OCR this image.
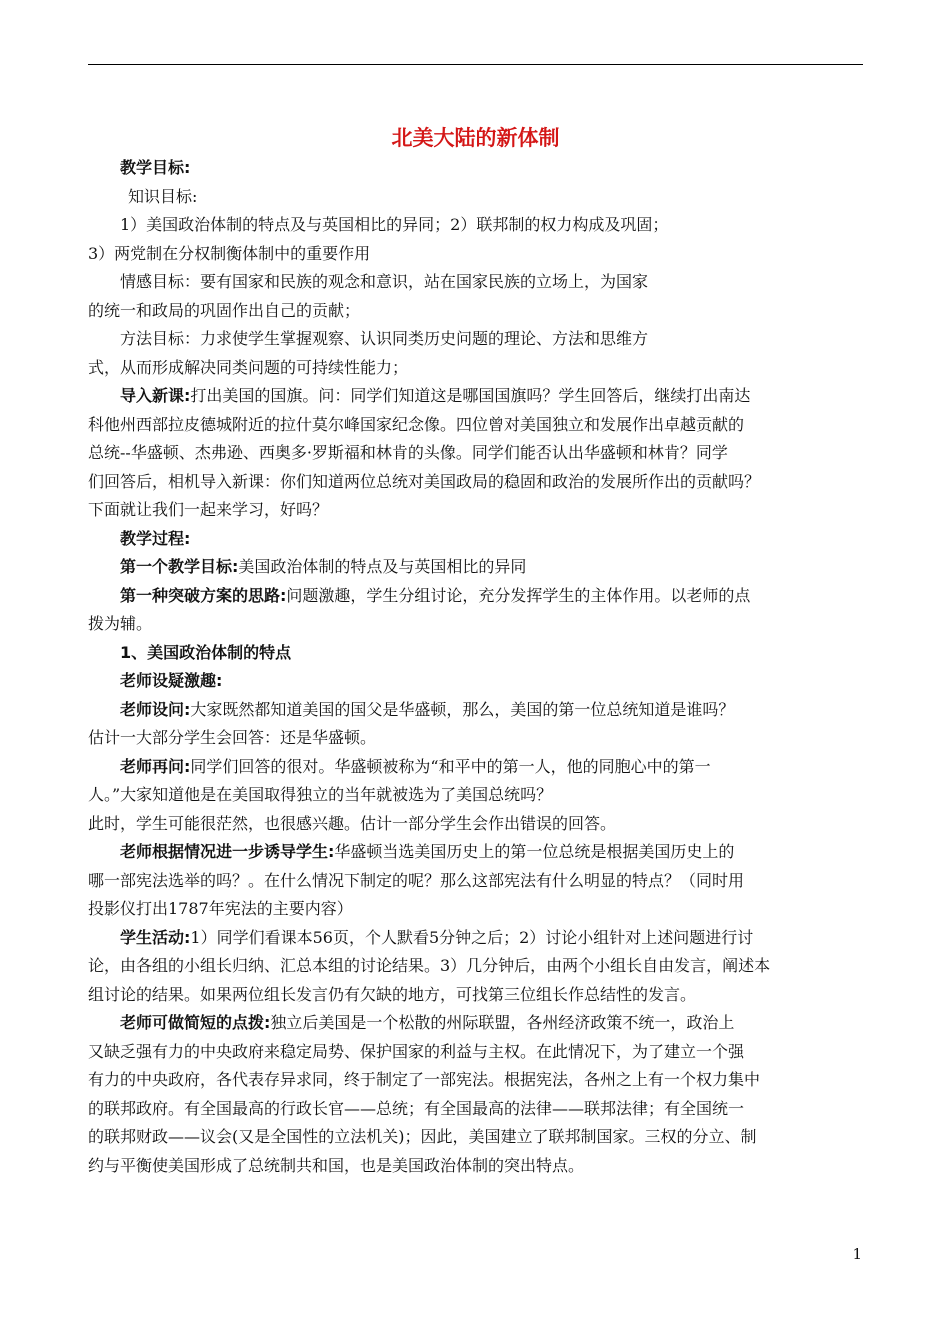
北美大陆的新体制
教学目标:
知识目标:
1）美国政治体制的特点及与英国相比的异同；2）联邦制的权力构成及巩固；
3）两党制在分权制衡体制中的重要作用
情感目标：要有国家和民族的观念和意识，站在国家民族的立场上，为国家
的统一和政局的巩固作出自己的贡献；
方法目标：力求使学生掌握观察、认识同类历史问题的理论、方法和思维方
式，从而形成解决同类问题的可持续性能力；
导入新课:打出美国的国旗。问：同学们知道这是哪国国旗吗？学生回答后，继续打出南达
科他州西部拉皮德城附近的拉什莫尔峰国家纪念像。四位曾对美国独立和发展作出卓越贡献的
总统--华盛顿、杰弗逊、西奥多·罗斯福和林肯的头像。同学们能否认出华盛顿和林肯？同学
们回答后，相机导入新课：你们知道两位总统对美国政局的稳固和政治的发展所作出的贡献吗？
下面就让我们一起来学习，好吗？
教学过程:
第一个教学目标:美国政治体制的特点及与英国相比的异同
第一种突破方案的思路:问题激趣，学生分组讨论，充分发挥学生的主体作用。以老师的点
拨为辅。
1、美国政治体制的特点
老师设疑激趣:
老师设问:大家既然都知道美国的国父是华盛顿，那么，美国的第一位总统知道是谁吗？
估计一大部分学生会回答：还是华盛顿。
老师再问:同学们回答的很对。华盛顿被称为“和平中的第一人，他的同胞心中的第一
人。”大家知道他是在美国取得独立的当年就被选为了美国总统吗？
此时，学生可能很茫然，也很感兴趣。估计一部分学生会作出错误的回答。
老师根据情况进一步诱导学生:华盛顿当选美国历史上的第一位总统是根据美国历史上的
哪一部宪法选举的吗？。在什么情况下制定的呢？那么这部宪法有什么明显的特点？（同时用
投影仪打出1787年宪法的主要内容）
学生活动:1）同学们看课本56页，个人默看5分钟之后；2）讨论小组针对上述问题进行讨
论，由各组的小组长归纳、汇总本组的讨论结果。3）几分钟后，由两个小组长自由发言，阐述本
组讨论的结果。如果两位组长发言仍有欠缺的地方，可找第三位组长作总结性的发言。
老师可做简短的点拨:独立后美国是一个松散的州际联盟，各州经济政策不统一，政治上
又缺乏强有力的中央政府来稳定局势、保护国家的利益与主权。在此情况下，为了建立一个强
有力的中央政府，各代表存异求同，终于制定了一部宪法。根据宪法，各州之上有一个权力集中
的联邦政府。有全国最高的行政长官——总统；有全国最高的法律——联邦法律；有全国统一
的联邦财政——议会(又是全国性的立法机关)；因此，美国建立了联邦制国家。三权的分立、制
约与平衡使美国形成了总统制共和国，也是美国政治体制的突出特点。
1
